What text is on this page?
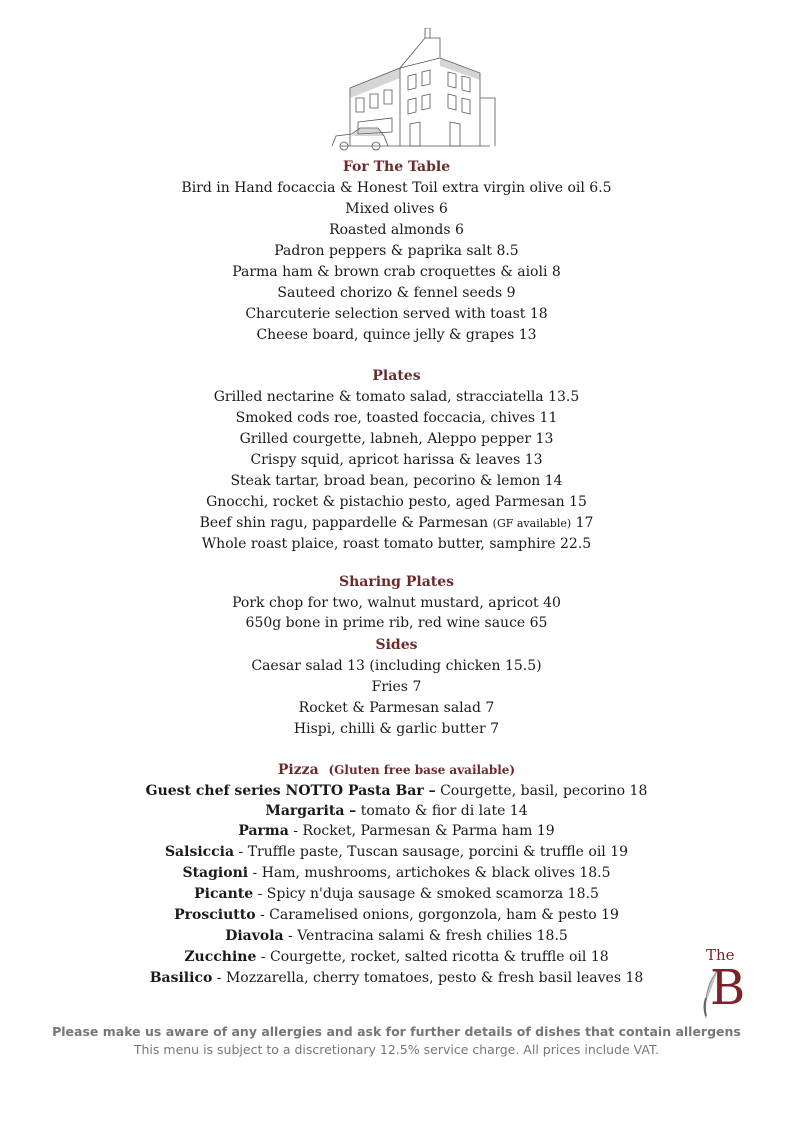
For The Table
Bird in Hand focaccia & Honest Toil extra virgin olive oil 6.5
Mixed olives 6
Roasted almonds 6
Padron peppers & paprika salt 8.5
Parma ham & brown crab croquettes & aioli 8
Sauteed chorizo & fennel seeds 9
Charcuterie selection served with toast 18
Cheese board, quince jelly & grapes 13
Plates
Grilled nectarine & tomato salad, stracciatella 13.5
Smoked cods roe, toasted foccacia, chives 11
Grilled courgette, labneh, Aleppo pepper 13
Crispy squid, apricot harissa & leaves 13
Steak tartar, broad bean, pecorino & lemon 14
Gnocchi, rocket & pistachio pesto, aged Parmesan 15
Beef shin ragu, pappardelle & Parmesan (GF available) 17
Whole roast plaice, roast tomato butter, samphire 22.5
Sharing Plates
Pork chop for two, walnut mustard, apricot 40
650g bone in prime rib, red wine sauce 65
Sides
Caesar salad 13 (including chicken 15.5)
Fries 7
Rocket & Parmesan salad 7
Hispi, chilli & garlic butter 7
Pizza (Gluten free base available)
Guest chef series NOTTO Pasta Bar – Courgette, basil, pecorino 18
Margarita – tomato & fior di late 14
Parma - Rocket, Parmesan & Parma ham 19
Salsiccia - Truffle paste, Tuscan sausage, porcini & truffle oil 19
Stagioni - Ham, mushrooms, artichokes & black olives 18.5
Picante - Spicy n'duja sausage & smoked scamorza 18.5
Prosciutto - Caramelised onions, gorgonzola, ham & pesto 19
Diavola - Ventracina salami & fresh chilies 18.5
Zucchine - Courgette, rocket, salted ricotta & truffle oil 18
Basilico - Mozzarella, cherry tomatoes, pesto & fresh basil leaves 18
The
B
Please make us aware of any allergies and ask for further details of dishes that contain allergens
This menu is subject to a discretionary 12.5% service charge. All prices include VAT.
